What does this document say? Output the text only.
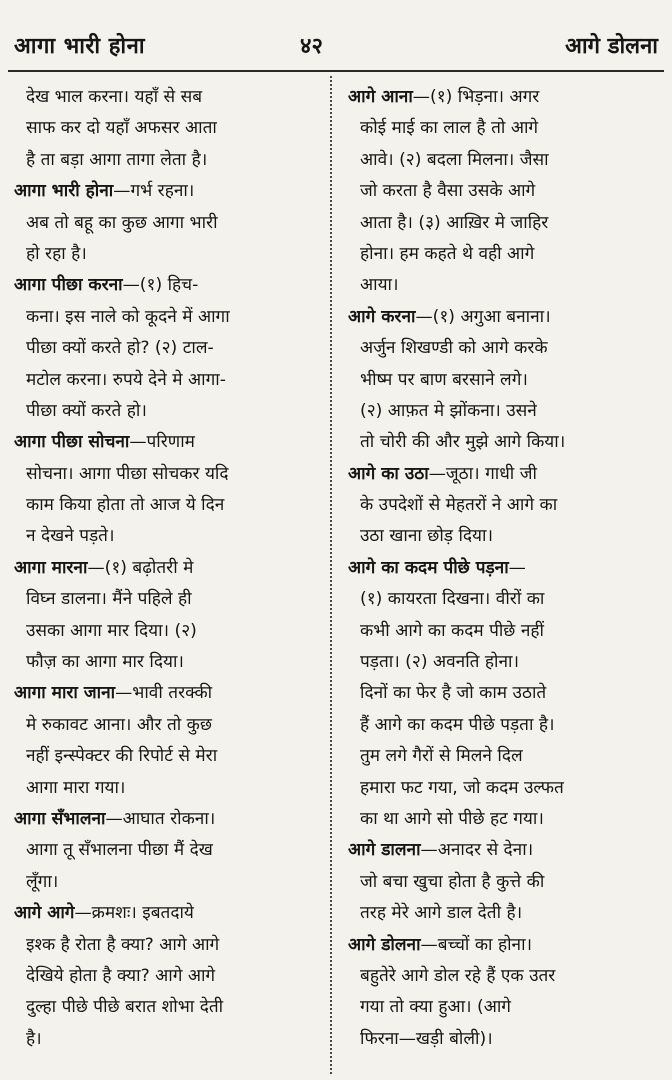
आगा भारी होना	४२	आगे डोलना
देख भाल करना। यहाँ से सब
साफ कर दो यहाँ अफसर आता
है ता बड़ा आगा तागा लेता है।
आगा भारी होना—गर्भ रहना।
अब तो बहू का कुछ आगा भारी
हो रहा है।
आगा पीछा करना—(१) हिच-
कना। इस नाले को कूदने में आगा
पीछा क्यों करते हो? (२) टाल-
मटोल करना। रुपये देने मे आगा-
पीछा क्यों करते हो।
आगा पीछा सोचना—परिणाम
सोचना। आगा पीछा सोचकर यदि
काम किया होता तो आज ये दिन
न देखने पड़ते।
आगा मारना—(१) बढ़ोतरी मे
विघ्न डालना। मैंने पहिले ही
उसका आगा मार दिया। (२)
फौज़ का आगा मार दिया।
आगा मारा जाना—भावी तरक्की
मे रुकावट आना। और तो कुछ
नहीं इन्स्पेक्टर की रिपोर्ट से मेरा
आगा मारा गया।
आगा सँभालना—आघात रोकना।
आगा तू सँभालना पीछा मैं देख
लूँगा।
आगे आगे—क्रमशः। इबतदाये
इश्क है रोता है क्या? आगे आगे
देखिये होता है क्या? आगे आगे
दुल्हा पीछे पीछे बरात शोभा देती
है।
आगे आना—(१) भिड़ना। अगर
कोई माई का लाल है तो आगे
आवे। (२) बदला मिलना। जैसा
जो करता है वैसा उसके आगे
आता है। (३) आख़िर मे जाहिर
होना। हम कहते थे वही आगे
आया।
आगे करना—(१) अगुआ बनाना।
अर्जुन शिखण्डी को आगे करके
भीष्म पर बाण बरसाने लगे।
(२) आफ़त मे झोंकना। उसने
तो चोरी की और मुझे आगे किया।
आगे का उठा—जूठा। गाधी जी
के उपदेशों से मेहतरों ने आगे का
उठा खाना छोड़ दिया।
आगे का कदम पीछे पड़ना—
(१) कायरता दिखना। वीरों का
कभी आगे का कदम पीछे नहीं
पड़ता। (२) अवनति होना।
दिनों का फेर है जो काम उठाते
हैं आगे का कदम पीछे पड़ता है।
तुम लगे गैरों से मिलने दिल
हमारा फट गया, जो कदम उल्फत
का था आगे सो पीछे हट गया।
आगे डालना—अनादर से देना।
जो बचा खुचा होता है कुत्ते की
तरह मेरे आगे डाल देती है।
आगे डोलना—बच्चों का होना।
बहुतेरे आगे डोल रहे हैं एक उतर
गया तो क्या हुआ। (आगे
फिरना—खड़ी बोली)।
